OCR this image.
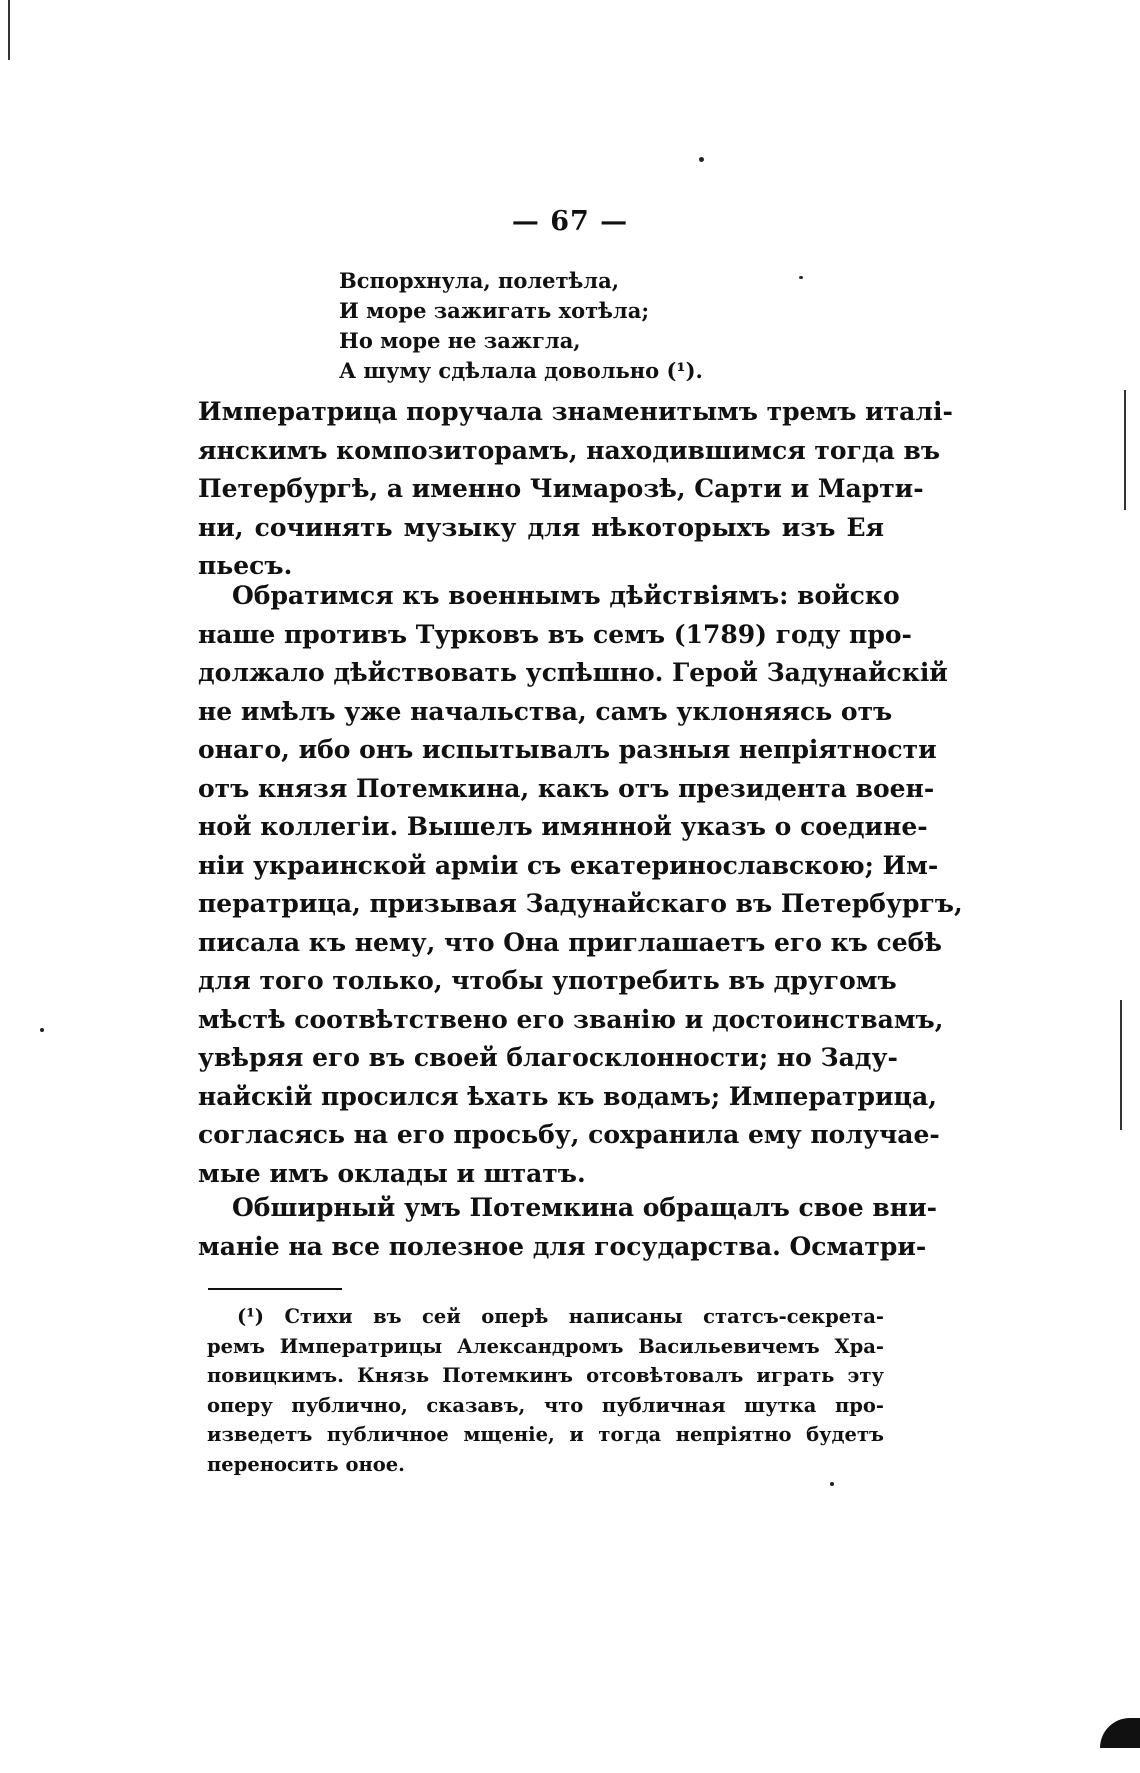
— 67 —
Вспорхнула, полетѣла,
И море зажигать хотѣла;
Но море не зажгла,
А шуму сдѣлала довольно (¹).
Императрица поручала знаменитымъ тремъ италі-
янскимъ композиторамъ, находившимся тогда въ
Петербургѣ, а именно Чимарозѣ, Сарти и Марти-
ни, сочинять музыку для нѣкоторыхъ изъ Ея
пьесъ.
Обратимся къ военнымъ дѣйствіямъ: войско
наше противъ Турковъ въ семъ (1789) году про-
должало дѣйствовать успѣшно. Герой Задунайскій
не имѣлъ уже начальства, самъ уклоняясь отъ
онаго, ибо онъ испытывалъ разныя непріятности
отъ князя Потемкина, какъ отъ президента воен-
ной коллегіи. Вышелъ имянной указъ о соедине-
ніи украинской арміи съ екатеринославскою; Им-
ператрица, призывая Задунайскаго въ Петербургъ,
писала къ нему, что Она приглашаетъ его къ себѣ
для того только, чтобы употребить въ другомъ
мѣстѣ соотвѣтствено его званію и достоинствамъ,
увѣряя его въ своей благосклонности; но Заду-
найскій просился ѣхать къ водамъ; Императрица,
согласясь на его просьбу, сохранила ему получае-
мые имъ оклады и штатъ.
Обширный умъ Потемкина обращалъ свое вни-
маніе на все полезное для государства. Осматри-
(¹) Стихи въ сей оперѣ написаны статсъ-секрета-
ремъ Императрицы Александромъ Васильевичемъ Хра-
повицкимъ. Князь Потемкинъ отсовѣтовалъ играть эту
оперу публично, сказавъ, что публичная шутка про-
изведетъ публичное мщеніе, и тогда непріятно будетъ
переносить оное.
